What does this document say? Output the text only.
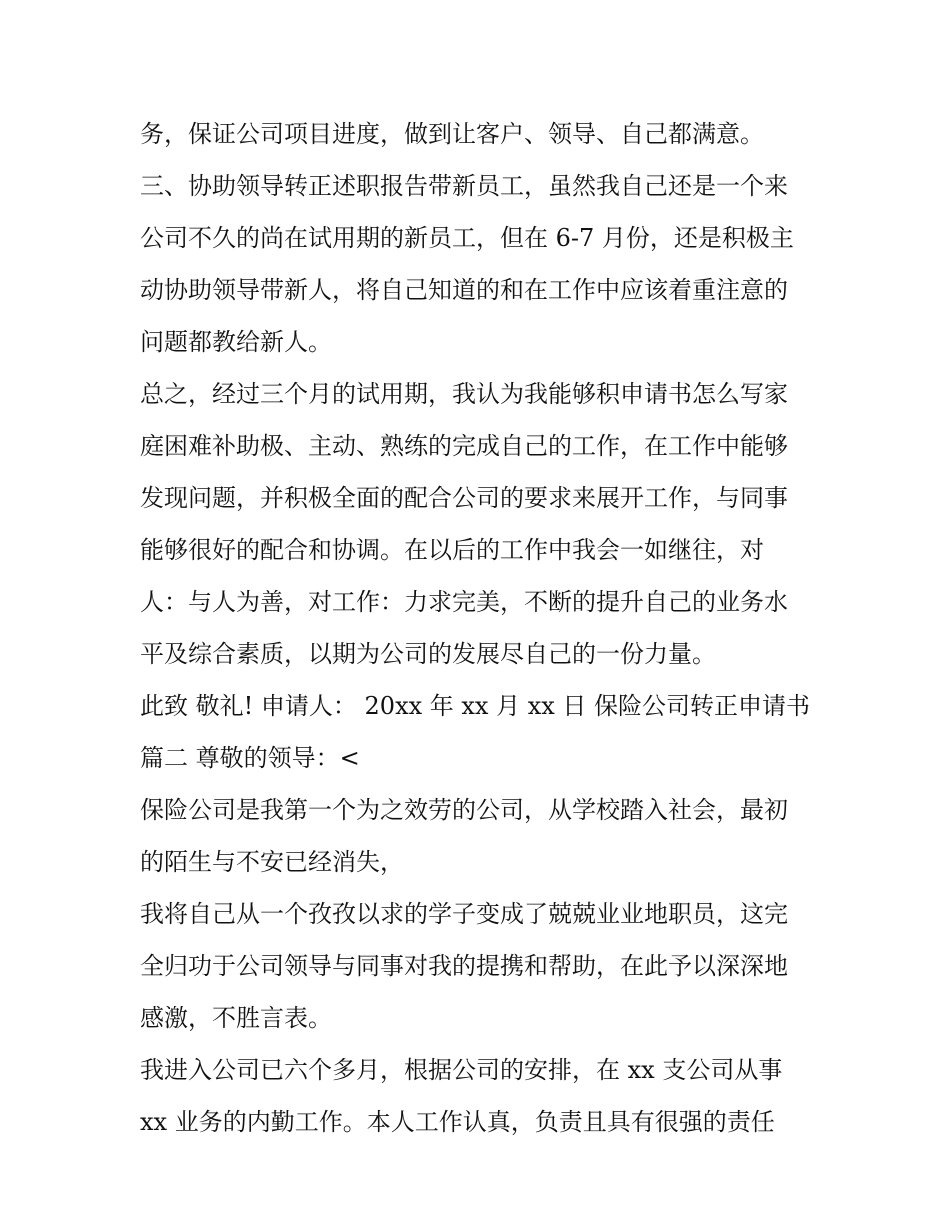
务，保证公司项目进度，做到让客户、领导、自己都满意。
三、协助领导转正述职报告带新员工，虽然我自己还是一个来
公司不久的尚在试用期的新员工，但在 6-7 月份，还是积极主
动协助领导带新人，将自己知道的和在工作中应该着重注意的
问题都教给新人。
总之，经过三个月的试用期，我认为我能够积申请书怎么写家
庭困难补助极、主动、熟练的完成自己的工作，在工作中能够
发现问题，并积极全面的配合公司的要求来展开工作，与同事
能够很好的配合和协调。在以后的工作中我会一如继往，对
人：与人为善，对工作：力求完美，不断的提升自己的业务水
平及综合素质，以期为公司的发展尽自己的一份力量。
此致 敬礼! 申请人： 20xx 年 xx 月 xx 日 保险公司转正申请书
篇二 尊敬的领导：<
保险公司是我第一个为之效劳的公司，从学校踏入社会，最初
的陌生与不安已经消失，
我将自己从一个孜孜以求的学子变成了兢兢业业地职员，这完
全归功于公司领导与同事对我的提携和帮助，在此予以深深地
感激，不胜言表。
我进入公司已六个多月，根据公司的安排，在 xx 支公司从事
xx 业务的内勤工作。本人工作认真，负责且具有很强的责任
